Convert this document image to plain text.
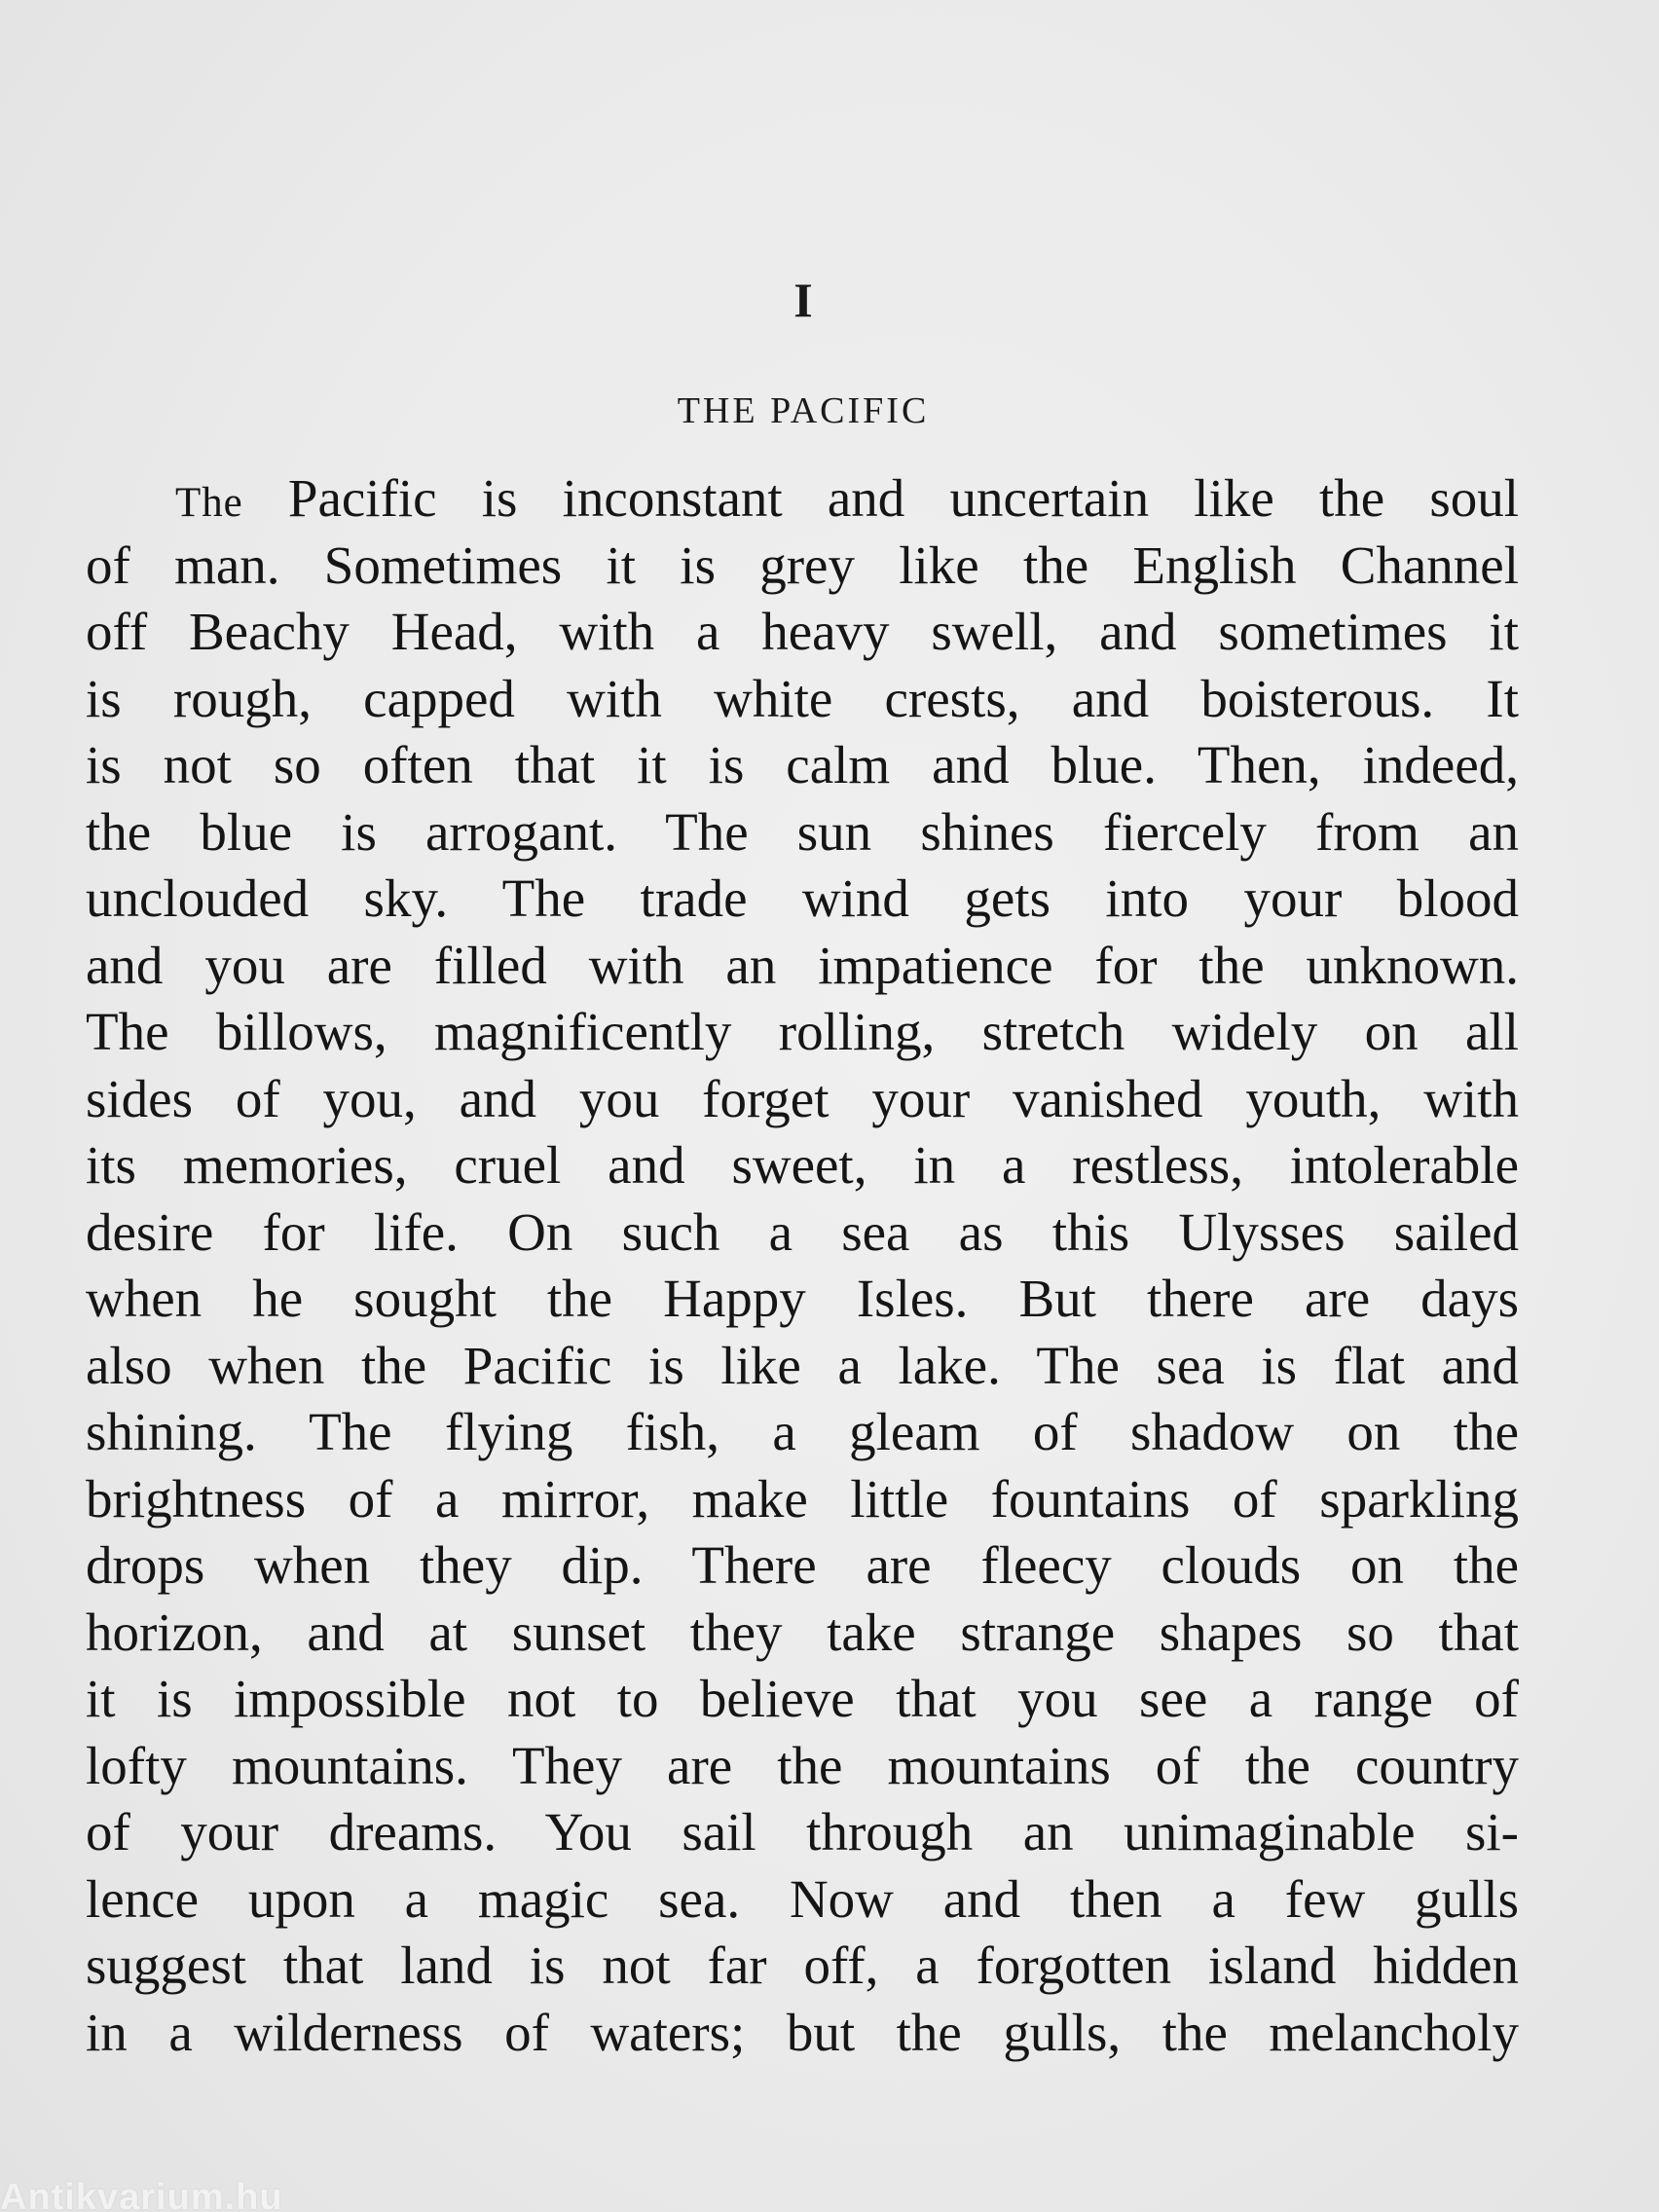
I
THE PACIFIC
The Pacific is inconstant and uncertain like the soul
of man. Sometimes it is grey like the English Channel
off Beachy Head, with a heavy swell, and sometimes it
is rough, capped with white crests, and boisterous. It
is not so often that it is calm and blue. Then, indeed,
the blue is arrogant. The sun shines fiercely from an
unclouded sky. The trade wind gets into your blood
and you are filled with an impatience for the unknown.
The billows, magnificently rolling, stretch widely on all
sides of you, and you forget your vanished youth, with
its memories, cruel and sweet, in a restless, intolerable
desire for life. On such a sea as this Ulysses sailed
when he sought the Happy Isles. But there are days
also when the Pacific is like a lake. The sea is flat and
shining. The flying fish, a gleam of shadow on the
brightness of a mirror, make little fountains of sparkling
drops when they dip. There are fleecy clouds on the
horizon, and at sunset they take strange shapes so that
it is impossible not to believe that you see a range of
lofty mountains. They are the mountains of the country
of your dreams. You sail through an unimaginable si-
lence upon a magic sea. Now and then a few gulls
suggest that land is not far off, a forgotten island hidden
in a wilderness of waters; but the gulls, the melancholy
Antikvarium.hu
